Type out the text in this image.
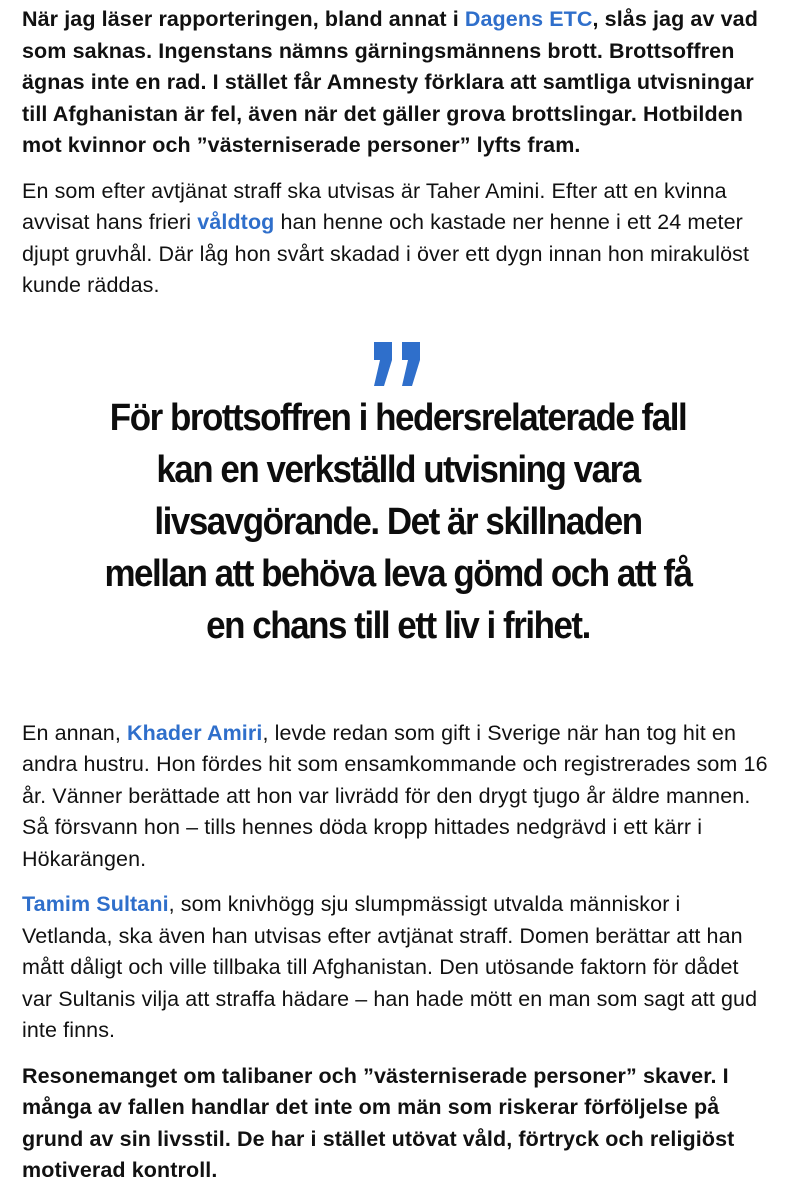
När jag läser rapporteringen, bland annat i Dagens ETC, slås jag av vad som saknas. Ingenstans nämns gärningsmännens brott. Brottsoffren ägnas inte en rad. I stället får Amnesty förklara att samtliga utvisningar till Afghanistan är fel, även när det gäller grova brottslingar. Hotbilden mot kvinnor och ”västerniserade personer” lyfts fram.

En som efter avtjänat straff ska utvisas är Taher Amini. Efter att en kvinna avvisat hans frieri våldtog han henne och kastade ner henne i ett 24 meter djupt gruvhål. Där låg hon svårt skadad i över ett dygn innan hon mirakulöst kunde räddas.

För brottsoffren i hedersrelaterade fall
kan en verkställd utvisning vara
livsavgörande. Det är skillnaden
mellan att behöva leva gömd och att få
en chans till ett liv i frihet.

En annan, Khader Amiri, levde redan som gift i Sverige när han tog hit en andra hustru. Hon fördes hit som ensamkommande och registrerades som 16 år. Vänner berättade att hon var livrädd för den drygt tjugo år äldre mannen. Så försvann hon – tills hennes döda kropp hittades nedgrävd i ett kärr i Hökarängen.

Tamim Sultani, som knivhögg sju slumpmässigt utvalda människor i Vetlanda, ska även han utvisas efter avtjänat straff. Domen berättar att han mått dåligt och ville tillbaka till Afghanistan. Den utösande faktorn för dådet var Sultanis vilja att straffa hädare – han hade mött en man som sagt att gud inte finns.

Resonemanget om talibaner och ”västerniserade personer” skaver. I många av fallen handlar det inte om män som riskerar förföljelse på grund av sin livsstil. De har i stället utövat våld, förtryck och religiöst motiverad kontroll.
